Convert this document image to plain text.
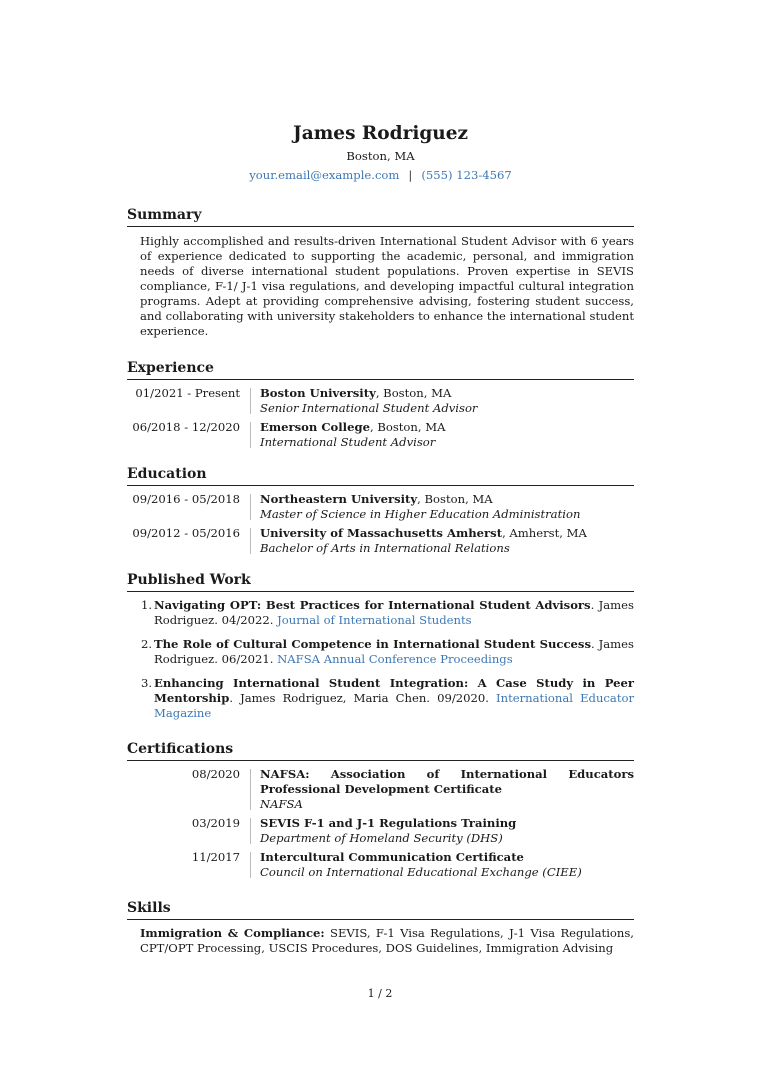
James Rodriguez
Boston, MA
your.email@example.com | (555) 123-4567
Summary
Highly accomplished and results-driven International Student Advisor with 6 years of experience dedicated to supporting the academic, personal, and immigration needs of diverse international student populations. Proven expertise in SEVIS compliance, F-1/ J-1 visa regulations, and developing impactful cultural integration programs. Adept at providing comprehensive advising, fostering student success, and collaborating with university stakeholders to enhance the international student experience.
Experience
01/2021 - Present	Boston University, Boston, MA
Senior International Student Advisor
06/2018 - 12/2020	Emerson College, Boston, MA
International Student Advisor
Education
09/2016 - 05/2018	Northeastern University, Boston, MA
Master of Science in Higher Education Administration
09/2012 - 05/2016	University of Massachusetts Amherst, Amherst, MA
Bachelor of Arts in International Relations
Published Work
1. Navigating OPT: Best Practices for International Student Advisors. James Rodriguez. 04/2022. Journal of International Students
2. The Role of Cultural Competence in International Student Success. James Rodriguez. 06/2021. NAFSA Annual Conference Proceedings
3. Enhancing International Student Integration: A Case Study in Peer Mentorship. James Rodriguez, Maria Chen. 09/2020. International Educator Magazine
Certifications
08/2020	NAFSA: Association of International Educators Professional Development Certificate
NAFSA
03/2019	SEVIS F-1 and J-1 Regulations Training
Department of Homeland Security (DHS)
11/2017	Intercultural Communication Certificate
Council on International Educational Exchange (CIEE)
Skills
Immigration & Compliance: SEVIS, F-1 Visa Regulations, J-1 Visa Regulations, CPT/OPT Processing, USCIS Procedures, DOS Guidelines, Immigration Advising
1 / 2
